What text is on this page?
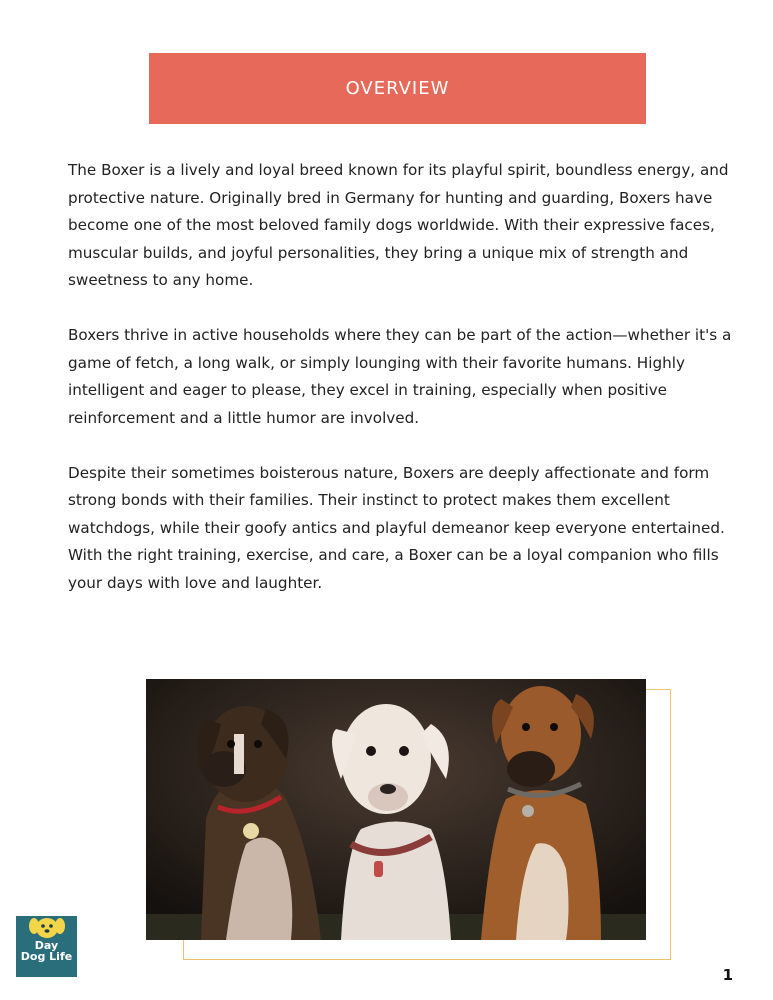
OVERVIEW

The Boxer is a lively and loyal breed known for its playful spirit, boundless energy, and protective nature. Originally bred in Germany for hunting and guarding, Boxers have become one of the most beloved family dogs worldwide. With their expressive faces, muscular builds, and joyful personalities, they bring a unique mix of strength and sweetness to any home.

Boxers thrive in active households where they can be part of the action—whether it's a game of fetch, a long walk, or simply lounging with their favorite humans. Highly intelligent and eager to please, they excel in training, especially when positive reinforcement and a little humor are involved.

Despite their sometimes boisterous nature, Boxers are deeply affectionate and form strong bonds with their families. Their instinct to protect makes them excellent watchdogs, while their goofy antics and playful demeanor keep everyone entertained. With the right training, exercise, and care, a Boxer can be a loyal companion who fills your days with love and laughter.

Day
Dog Life
1
